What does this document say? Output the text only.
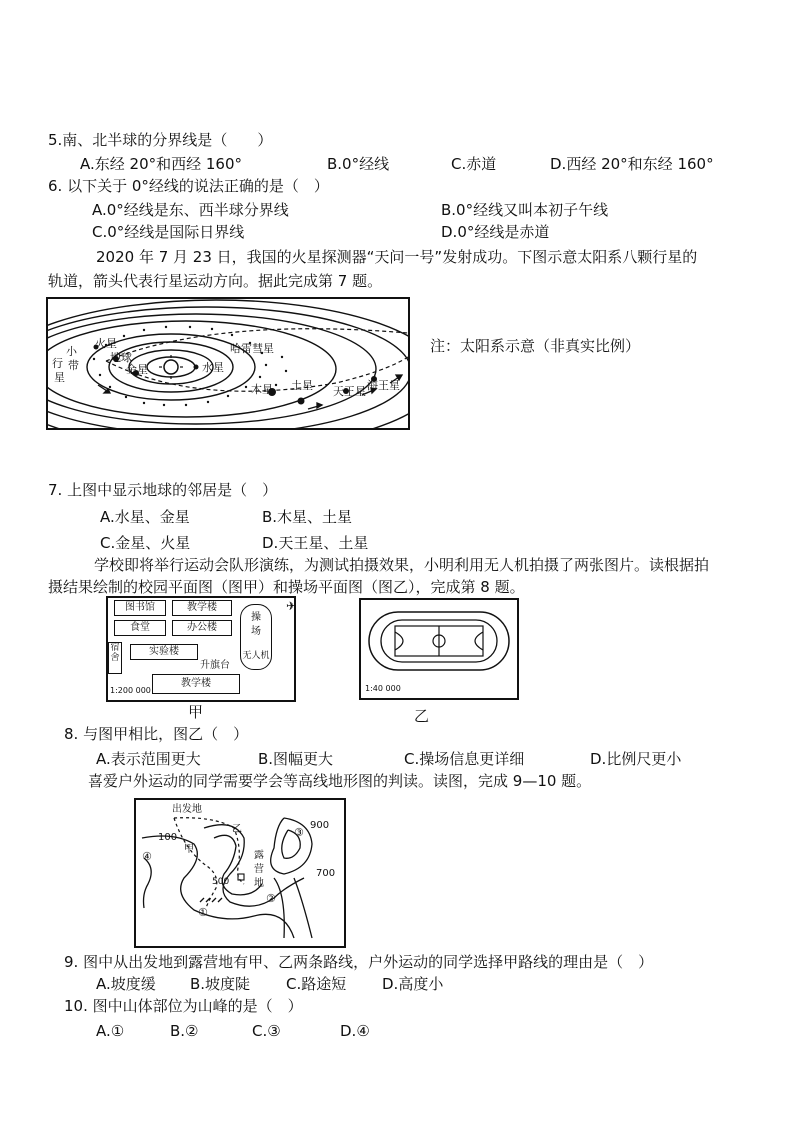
5.南、北半球的分界线是（　　）
A.东经 20°和西经 160°	B.0°经线	C.赤道	D.西经 20°和东经 160°
6. 以下关于 0°经线的说法正确的是（　）
A.0°经线是东、西半球分界线	B.0°经线又叫本初子午线
C.0°经线是国际日界线	D.0°经线是赤道
2020 年 7 月 23 日，我国的火星探测器“天问一号”发射成功。下图示意太阳系八颗行星的
轨道，箭头代表行星运动方向。据此完成第 7 题。
火星
地球
金星	水星
哈雷彗星
木星 土星 天王星 海王星
小
行
星
带
注：太阳系示意（非真实比例）
7. 上图中显示地球的邻居是（　）
A.水星、金星	B.木星、土星
C.金星、火星	D.天王星、土星
学校即将举行运动会队形演练，为测试拍摄效果，小明利用无人机拍摄了两张图片。读根据拍
摄结果绘制的校园平面图（图甲）和操场平面图（图乙），完成第 8 题。
图书馆	教学楼
食堂	办公楼
操
场
无人机
宿舍
实验楼
升旗台
教学楼
1:200 000
✈
甲
1:40 000
乙
8. 与图甲相比，图乙（　）
A.表示范围更大	B.图幅更大	C.操场信息更详细	D.比例尺更小
喜爱户外运动的同学需要学会等高线地形图的判读。读图，完成 9—10 题。
出发地
100
甲
乙
500
700
900
露
营
地
①
②
③
④
9. 图中从出发地到露营地有甲、乙两条路线，户外运动的同学选择甲路线的理由是（　）
A.坡度缓 B.坡度陡 C.路途短 D.高度小
10. 图中山体部位为山峰的是（　）
A.①	B.②	C.③	D.④
